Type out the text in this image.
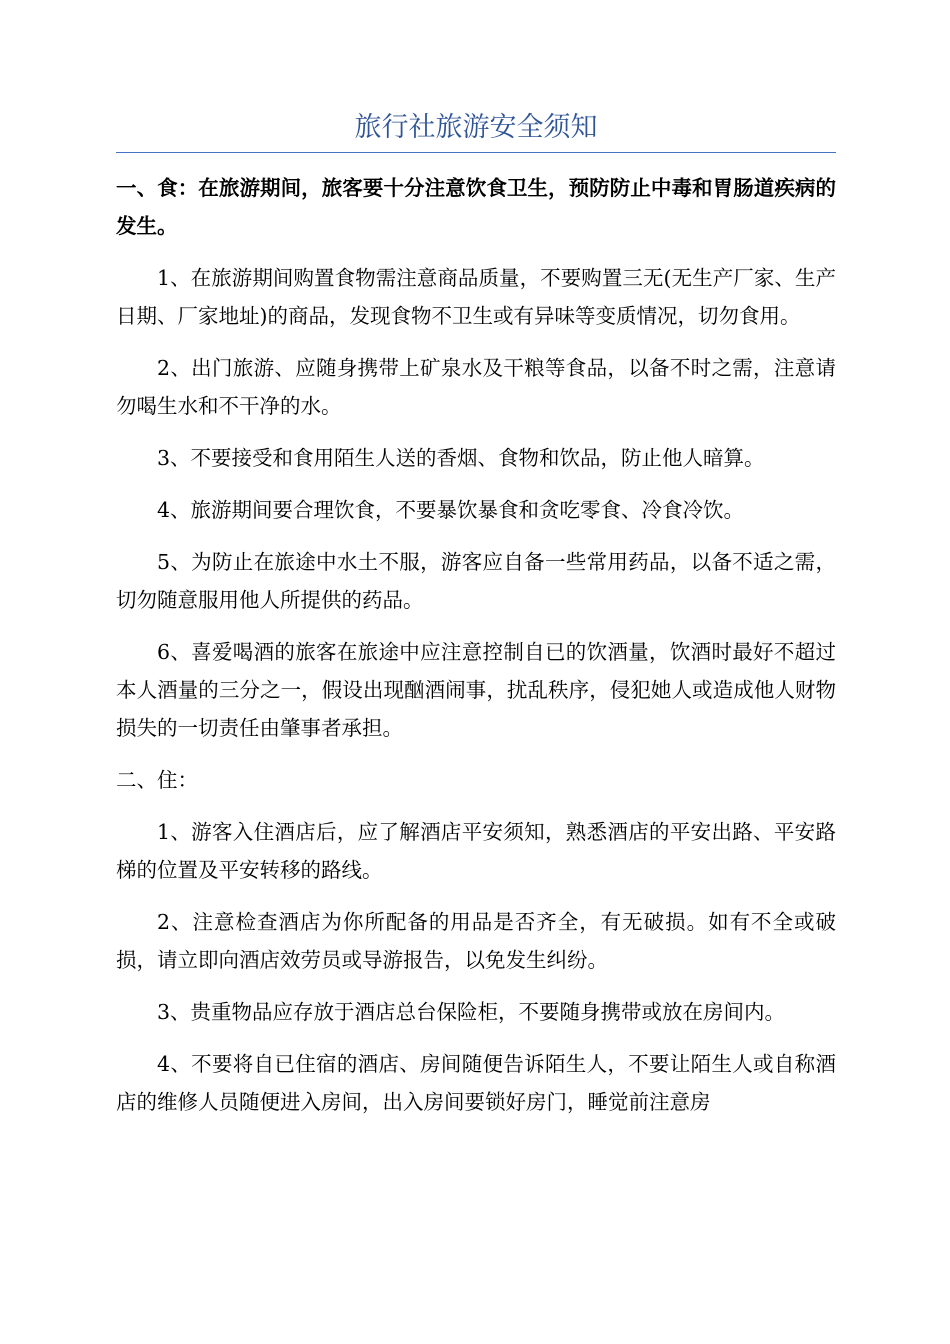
旅行社旅游安全须知

一、食：在旅游期间，旅客要十分注意饮食卫生，预防防止中毒和胃肠道疾病的发生。

1、在旅游期间购置食物需注意商品质量，不要购置三无(无生产厂家、生产日期、厂家地址)的商品，发现食物不卫生或有异味等变质情况，切勿食用。

2、出门旅游、应随身携带上矿泉水及干粮等食品，以备不时之需，注意请勿喝生水和不干净的水。

3、不要接受和食用陌生人送的香烟、食物和饮品，防止他人暗算。

4、旅游期间要合理饮食，不要暴饮暴食和贪吃零食、冷食冷饮。

5、为防止在旅途中水土不服，游客应自备一些常用药品，以备不适之需，切勿随意服用他人所提供的药品。

6、喜爱喝酒的旅客在旅途中应注意控制自已的饮酒量，饮酒时最好不超过本人酒量的三分之一，假设出现酗酒闹事，扰乱秩序，侵犯她人或造成他人财物损失的一切责任由肇事者承担。

二、住：

1、游客入住酒店后，应了解酒店平安须知，熟悉酒店的平安出路、平安路梯的位置及平安转移的路线。

2、注意检查酒店为你所配备的用品是否齐全，有无破损。如有不全或破损，请立即向酒店效劳员或导游报告，以免发生纠纷。

3、贵重物品应存放于酒店总台保险柜，不要随身携带或放在房间内。

4、不要将自已住宿的酒店、房间随便告诉陌生人，不要让陌生人或自称酒店的维修人员随便进入房间，出入房间要锁好房门，睡觉前注意房
